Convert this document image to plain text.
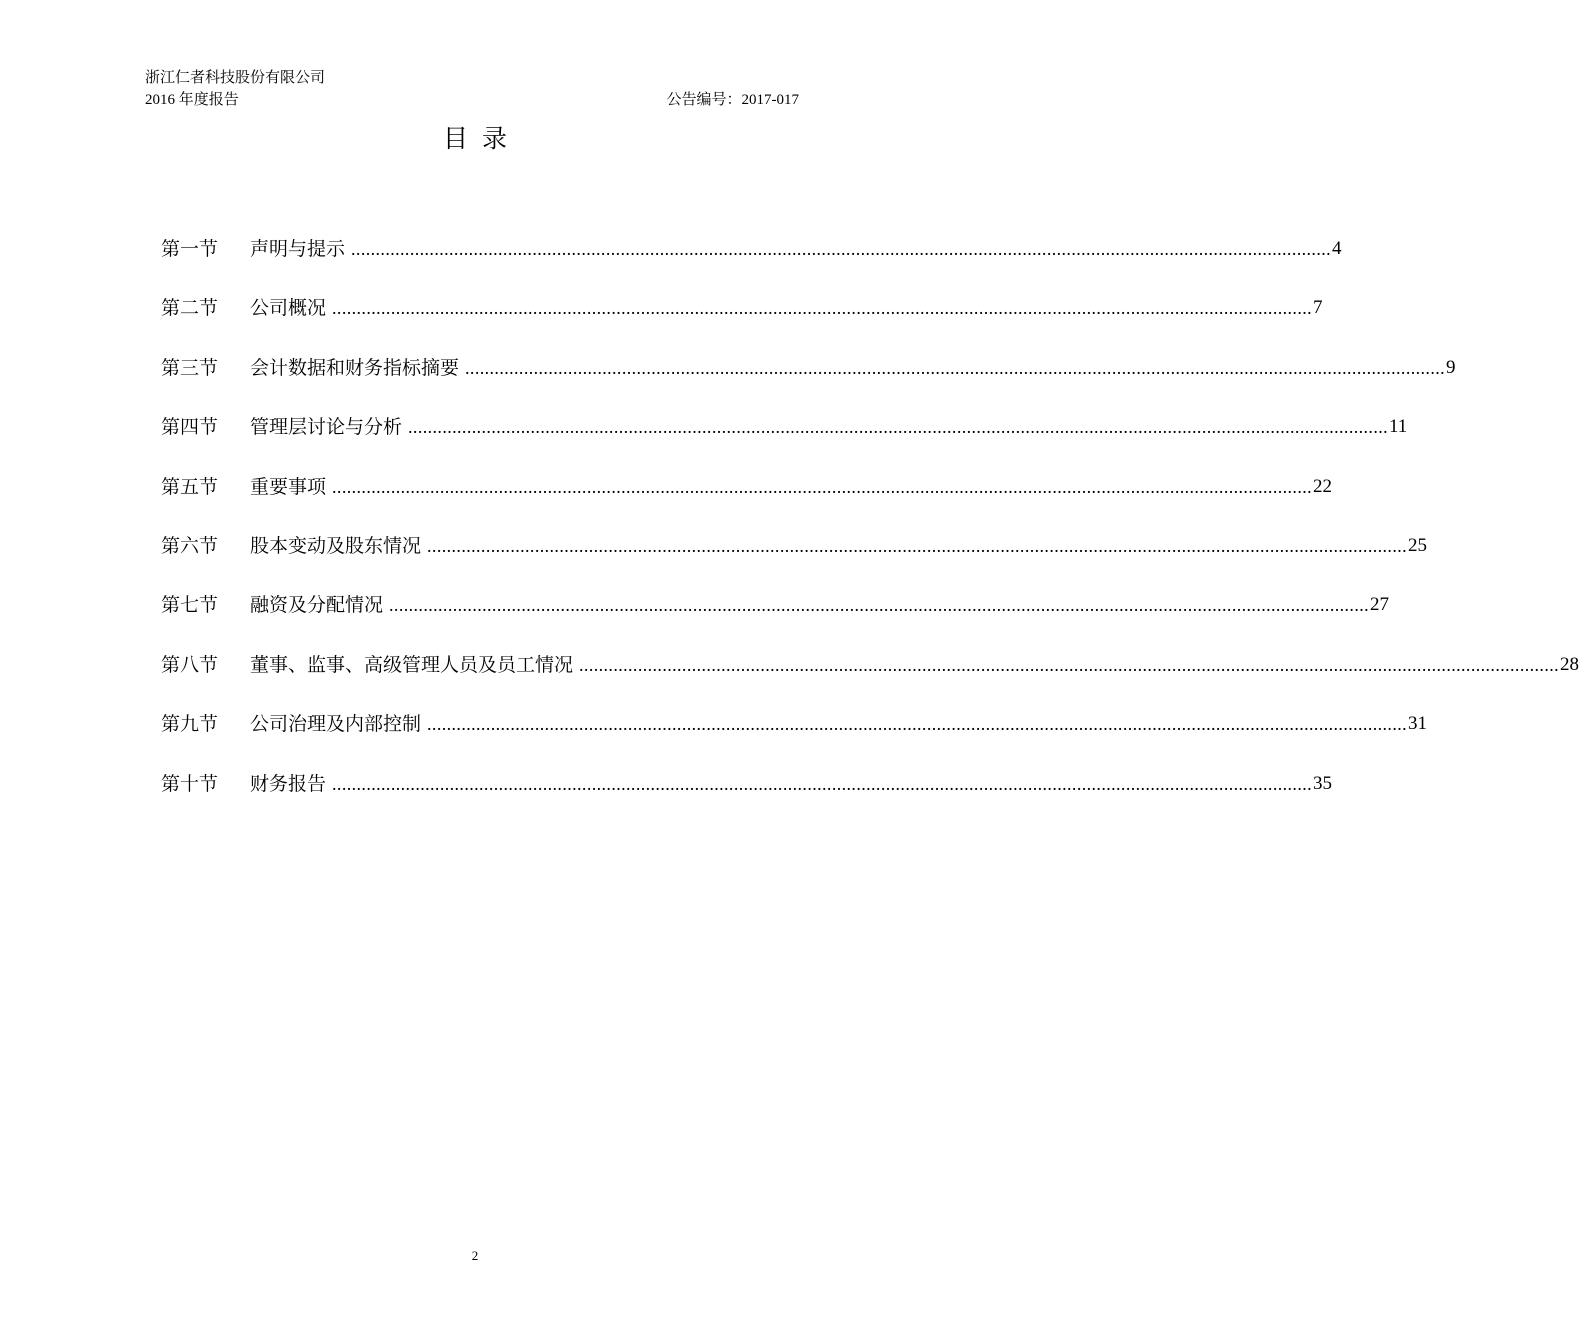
浙江仁者科技股份有限公司
2016 年度报告	公告编号：2017-017
目录
第一节	声明与提示 ........................................................................................................................................................................................................ 4
第二节	公司概况 ........................................................................................................................................................................................................ 7
第三节	会计数据和财务指标摘要 ........................................................................................................................................................................................................ 9
第四节	管理层讨论与分析 ........................................................................................................................................................................................................ 11
第五节	重要事项 ........................................................................................................................................................................................................ 22
第六节	股本变动及股东情况 ........................................................................................................................................................................................................ 25
第七节	融资及分配情况 ........................................................................................................................................................................................................ 27
第八节	董事、监事、高级管理人员及员工情况 ........................................................................................................................................................................................................ 28
第九节	公司治理及内部控制 ........................................................................................................................................................................................................ 31
第十节	财务报告 ........................................................................................................................................................................................................ 35
2
